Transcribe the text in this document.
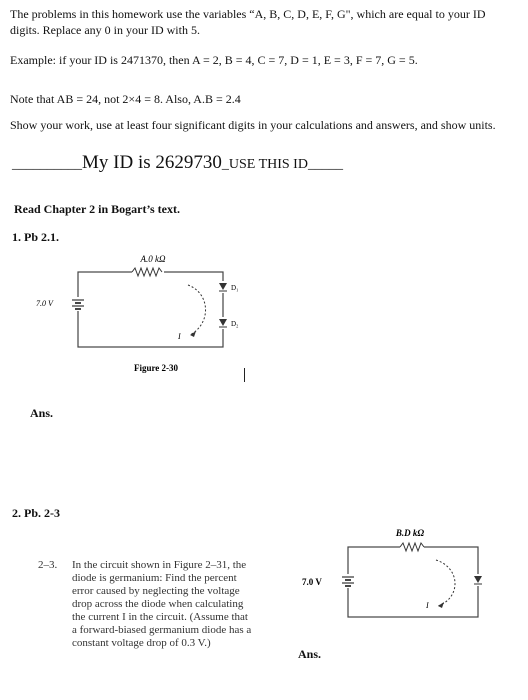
The problems in this homework use the variables “A, B, C, D, E, F, G", which are equal to your ID digits. Replace any 0 in your ID with 5.
Example: if your ID is 2471370, then A = 2, B = 4, C = 7, D = 1, E = 3, F = 7, G = 5.
Note that AB = 24, not 2×4 = 8. Also, A.B = 2.4
Show your work, use at least four significant digits in your calculations and answers, and show units.
__________My ID is 2629730_USE THIS ID_____
Read Chapter 2 in Bogart’s text.
1. Pb 2.1.
A.0 kΩ
7.0 V
D₁
D₂
I
Figure 2-30
Ans.
2. Pb. 2-3
2–3. In the circuit shown in Figure 2–31, the
diode is germanium: Find the percent
error caused by neglecting the voltage
drop across the diode when calculating
the current I in the circuit. (Assume that
a forward-biased germanium diode has a
constant voltage drop of 0.3 V.)
B.D kΩ
7.0 V
I
Ans.
